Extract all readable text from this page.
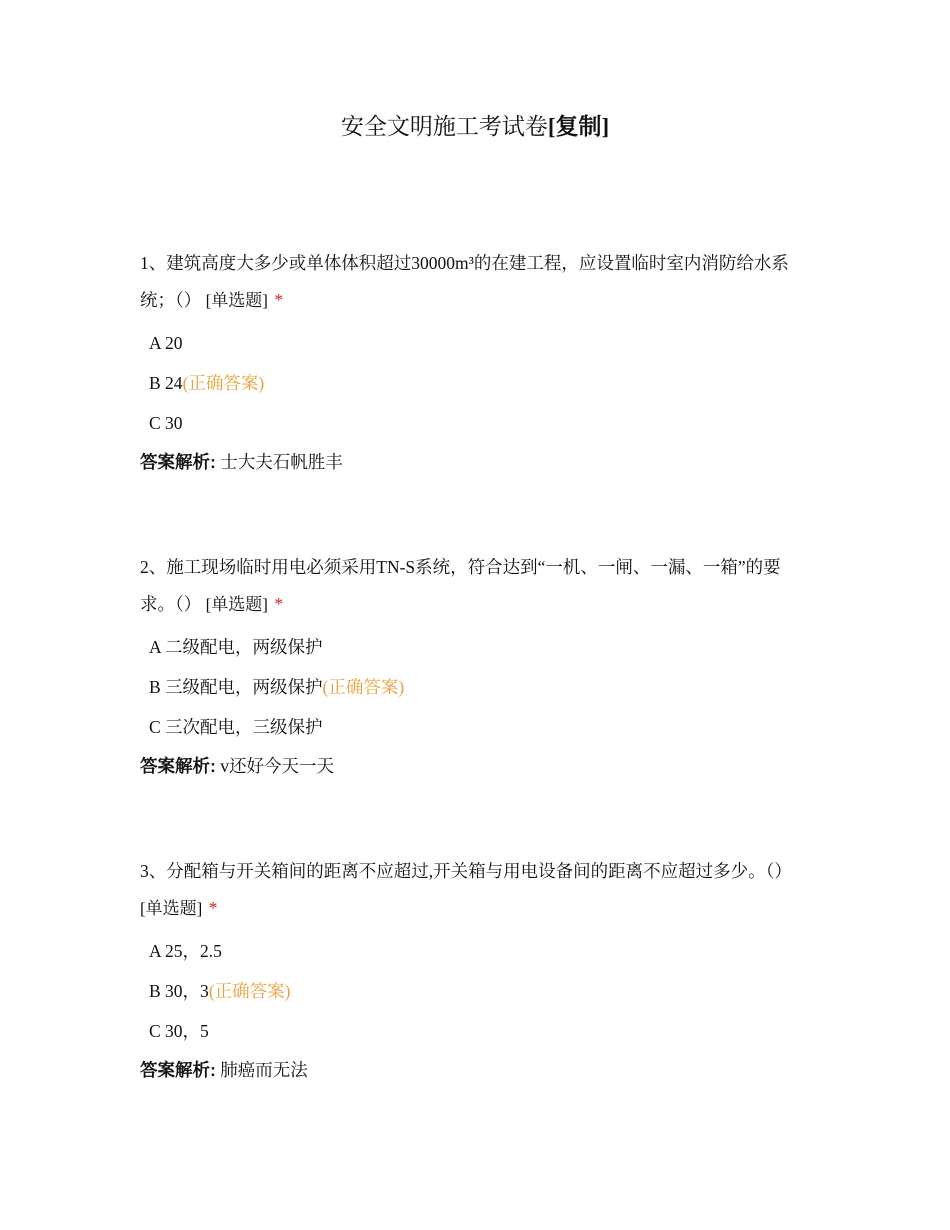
安全文明施工考试卷[复制]

1、建筑高度大多少或单体体积超过30000m³的在建工程，应设置临时室内消防给水系统；（） [单选题] *

A 20
B 24(正确答案)
C 30
答案解析: 士大夫石帆胜丰

2、施工现场临时用电必须采用TN-S系统，符合达到“一机、一闸、一漏、一箱”的要求。（） [单选题] *

A 二级配电，两级保护
B 三级配电，两级保护(正确答案)
C 三次配电，三级保护
答案解析: v还好今天一天

3、分配箱与开关箱间的距离不应超过,开关箱与用电设备间的距离不应超过多少。（） [单选题] *

A 25，2.5
B 30，3(正确答案)
C 30，5
答案解析: 肺癌而无法
